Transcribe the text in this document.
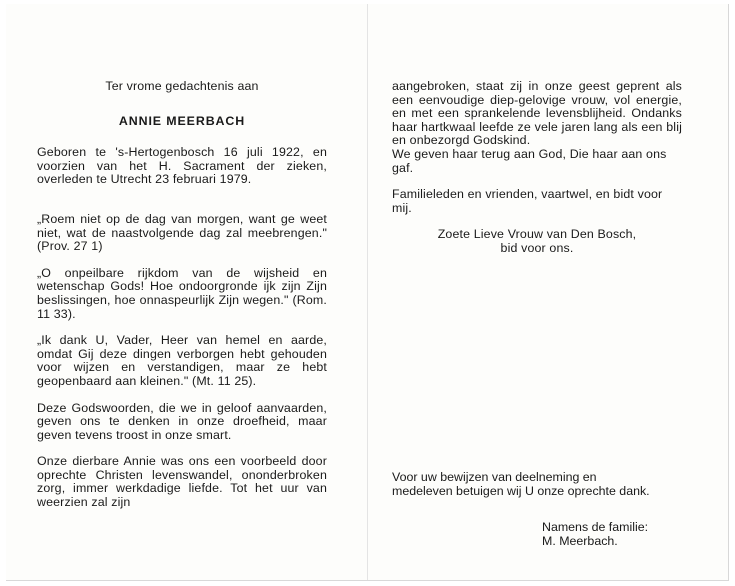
Ter vrome gedachtenis aan
ANNIE MEERBACH
Geboren te 's-Hertogenbosch 16 juli 1922, en voorzien van het H. Sacrament der zieken, overleden te Utrecht 23 februari 1979.
„Roem niet op de dag van morgen, want ge weet niet, wat de naastvolgende dag zal meebrengen." (Prov. 27 1)
„O onpeilbare rijkdom van de wijsheid en wetenschap Gods! Hoe ondoorgronde ijk zijn Zijn beslissingen, hoe onnaspeurlijk Zijn wegen." (Rom. 11 33).
„Ik dank U, Vader, Heer van hemel en aarde, omdat Gij deze dingen verborgen hebt gehouden voor wijzen en verstandigen, maar ze hebt geopenbaard aan kleinen." (Mt. 11 25).
Deze Godswoorden, die we in geloof aanvaarden, geven ons te denken in onze droefheid, maar geven tevens troost in onze smart.
Onze dierbare Annie was ons een voorbeeld door oprechte Christen levenswandel, ononderbroken zorg, immer werkdadige liefde. Tot het uur van weerzien zal zijn
aangebroken, staat zij in onze geest geprent als een eenvoudige diep-gelovige vrouw, vol energie, en met een sprankelende levensblijheid. Ondanks haar hartkwaal leefde ze vele jaren lang als een blij en onbezorgd Godskind.
We geven haar terug aan God, Die haar aan ons gaf.
Familieleden en vrienden, vaartwel, en bidt voor mij.
Zoete Lieve Vrouw van Den Bosch,
bid voor ons.
Voor uw bewijzen van deelneming en medeleven betuigen wij U onze oprechte dank.
Namens de familie:
M. Meerbach.
